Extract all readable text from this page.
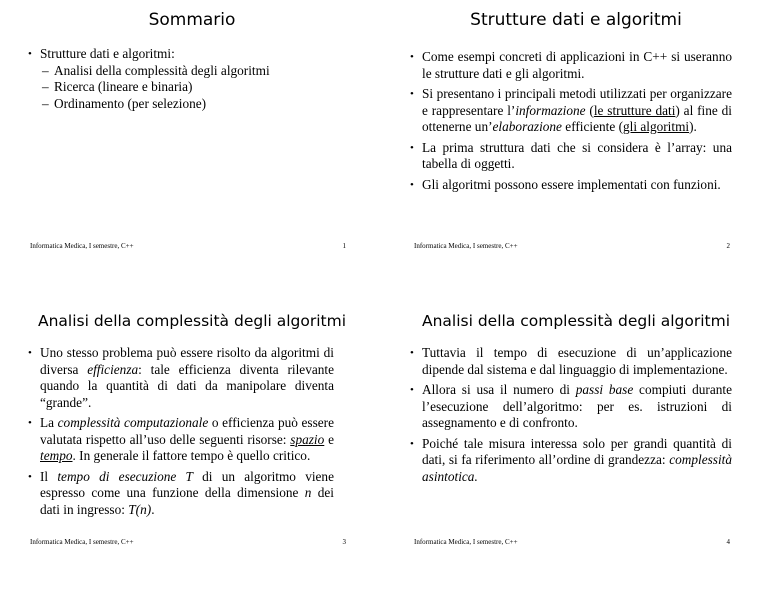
Sommario
• Strutture dati e algoritmi:
– Analisi della complessità degli algoritmi
– Ricerca (lineare e binaria)
– Ordinamento (per selezione)
Informatica Medica, I semestre, C++	1
Strutture dati e algoritmi
• Come esempi concreti di applicazioni in C++ si useranno le strutture dati e gli algoritmi.
• Si presentano i principali metodi utilizzati per organizzare e rappresentare l’informazione (le strutture dati) al fine di ottenerne un’elaborazione efficiente (gli algoritmi).
• La prima struttura dati che si considera è l’array: una tabella di oggetti.
• Gli algoritmi possono essere implementati con funzioni.
Informatica Medica, I semestre, C++	2
Analisi della complessità degli algoritmi
• Uno stesso problema può essere risolto da algoritmi di diversa efficienza: tale efficienza diventa rilevante quando la quantità di dati da manipolare diventa “grande”.
• La complessità computazionale o efficienza può essere valutata rispetto all’uso delle seguenti risorse: spazio e tempo. In generale il fattore tempo è quello critico.
• Il tempo di esecuzione T di un algoritmo viene espresso come una funzione della dimensione n dei dati in ingresso: T(n).
Informatica Medica, I semestre, C++	3
Analisi della complessità degli algoritmi
• Tuttavia il tempo di esecuzione di un’applicazione dipende dal sistema e dal linguaggio di implementazione.
• Allora si usa il numero di passi base compiuti durante l’esecuzione dell’algoritmo: per es. istruzioni di assegnamento e di confronto.
• Poiché tale misura interessa solo per grandi quantità di dati, si fa riferimento all’ordine di grandezza: complessità asintotica.
Informatica Medica, I semestre, C++	4
